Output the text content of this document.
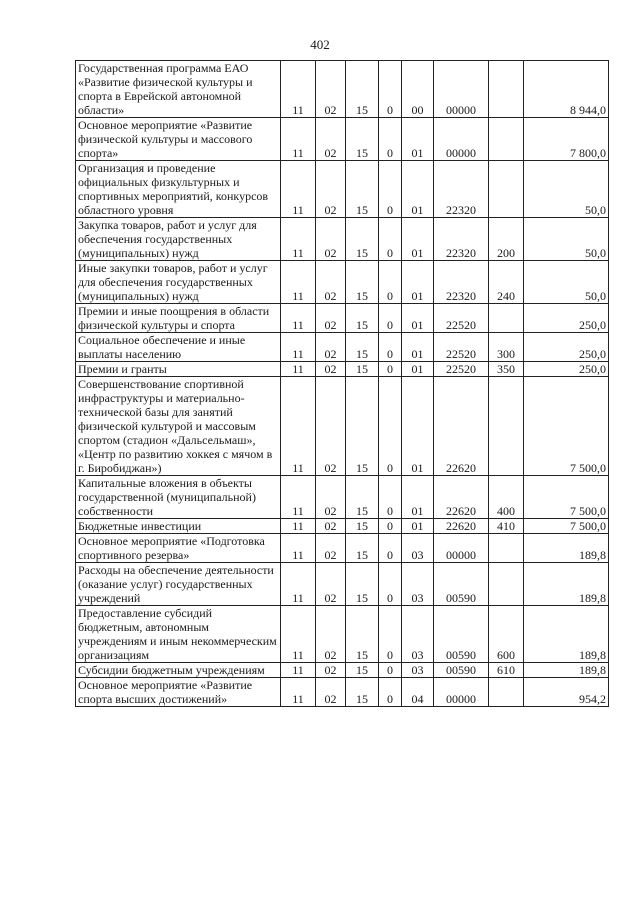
402
Государственная программа ЕАО «Развитие физической культуры и спорта в Еврейской автономной области»	11	02	15	0	00	00000		8 944,0
Основное мероприятие «Развитие физической культуры и массового спорта»	11	02	15	0	01	00000		7 800,0
Организация и проведение официальных физкультурных и спортивных мероприятий, конкурсов областного уровня	11	02	15	0	01	22320		50,0
Закупка товаров, работ и услуг для обеспечения государственных (муниципальных) нужд	11	02	15	0	01	22320	200	50,0
Иные закупки товаров, работ и услуг для обеспечения государственных (муниципальных) нужд	11	02	15	0	01	22320	240	50,0
Премии и иные поощрения в области физической культуры и спорта	11	02	15	0	01	22520		250,0
Социальное обеспечение и иные выплаты населению	11	02	15	0	01	22520	300	250,0
Премии и гранты	11	02	15	0	01	22520	350	250,0
Совершенствование спортивной инфраструктуры и материально-технической базы для занятий физической культурой и массовым спортом (стадион «Дальсельмаш», «Центр по развитию хоккея с мячом в г. Биробиджан»)	11	02	15	0	01	22620		7 500,0
Капитальные вложения в объекты государственной (муниципальной) собственности	11	02	15	0	01	22620	400	7 500,0
Бюджетные инвестиции	11	02	15	0	01	22620	410	7 500,0
Основное мероприятие «Подготовка спортивного резерва»	11	02	15	0	03	00000		189,8
Расходы на обеспечение деятельности (оказание услуг) государственных учреждений	11	02	15	0	03	00590		189,8
Предоставление субсидий бюджетным, автономным учреждениям и иным некоммерческим организациям	11	02	15	0	03	00590	600	189,8
Субсидии бюджетным учреждениям	11	02	15	0	03	00590	610	189,8
Основное мероприятие «Развитие спорта высших достижений»	11	02	15	0	04	00000		954,2
